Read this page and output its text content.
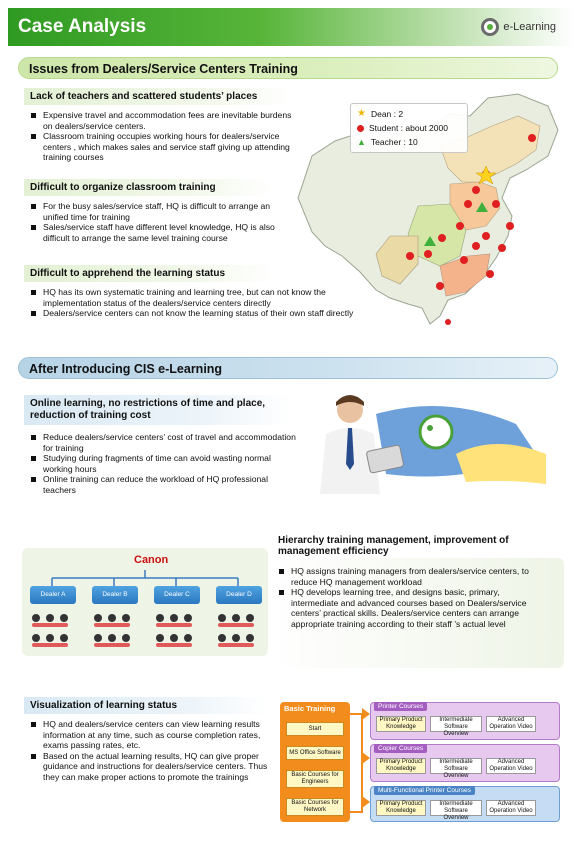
Case Analysis	e-Learning
Issues from Dealers/Service Centers Training
Lack of teachers and scattered students’ places
Expensive travel and accommodation fees are inevitable burdens on dealers/service centers.
Classroom training occupies working hours for dealers/service centers , which makes sales and service staff giving up attending training courses
Difficult to organize classroom training
For the busy sales/service staff, HQ is difficult to arrange an unified time for training
Sales/service staff have different level knowledge, HQ is also difficult to arrange the same level training course
Difficult to apprehend the learning status
HQ has its own systematic training and learning tree, but can not know the implementation status of the dealers/service centers directly
Dealers/service centers can not know the learning status of their own staff directly
★ Dean : 2
Student : about 2000
▲ Teacher : 10
After Introducing CIS e-Learning
Online learning, no restrictions of time and place, reduction of training cost
Reduce dealers/service centers’ cost of travel and accommodation for training
Studying during fragments of time can avoid wasting normal working hours
Online training can reduce the workload of HQ professional teachers
Canon
Dealer A	Dealer B	Dealer C	Dealer D
Hierarchy training management, improvement of management efficiency
HQ assigns training managers from dealers/service centers, to reduce HQ management workload
HQ develops learning tree, and designs basic, primary, intermediate and advanced courses based on Dealers/service centers’ practical skills. Dealers/service centers can arrange appropriate training according to their staff ’s actual level
Visualization of learning status
HQ and dealers/service centers can view learning results information at any time, such as course completion rates, exams passing rates, etc.
Based on the actual learning results, HQ can give proper guidance and instructions for dealers/service centers. Thus they can make proper actions to promote the trainings
Basic Training
Start
MS Office Software
Basic Courses for Engineers
Basic Courses for Network
Printer Courses
Primary Product Knowledge
Intermediate Software Overview
Advanced Operation Video
Copier Courses
Primary Product Knowledge
Intermediate Software Overview
Advanced Operation Video
Multi-Functional Printer Courses
Primary Product Knowledge
Intermediate Software Overview
Advanced Operation Video
